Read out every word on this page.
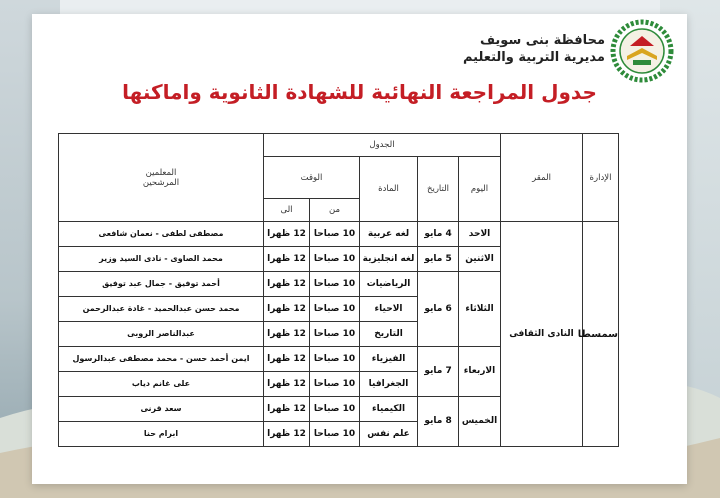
محافظة بنى سويف
مديرية التربية والتعليم
جدول المراجعة النهائية للشهادة الثانوية واماكنها
الإدارة	المقر	الجدول					المعلمين
المرشحين

		اليوم	التاريخ	المادة	الوقت		
					من	الى	
سمسطا	النادى الثقافى	الاحد	4 مايو	لغه عربية	10 صباحا	12 ظهرا	مصطفى لطفى - نعمان شافعى
		الاثنين	5 مايو	لغه انجليزية	10 صباحا	12 ظهرا	محمد الصاوى - نادى السيد وزير
		الثلاثاء	6 مايو	الرياضيات	10 صباحا	12 ظهرا	أحمد توفيق - جمال عبد توفيق
				الاحياء	10 صباحا	12 ظهرا	محمد حسن عبدالحميد - غادة عبدالرحمن
				التاريخ	10 صباحا	12 ظهرا	عبدالناصر الروبى
		الاربعاء	7 مايو	الفيزياء	10 صباحا	12 ظهرا	ايمن أحمد حسن - محمد مصطفى عبدالرسول
				الجغرافيا	10 صباحا	12 ظهرا	على غانم دياب
		الخميس	8 مايو	الكيمياء	10 صباحا	12 ظهرا	سعد قرنى
				علم نفس	10 صباحا	12 ظهرا	ابرام حنا
